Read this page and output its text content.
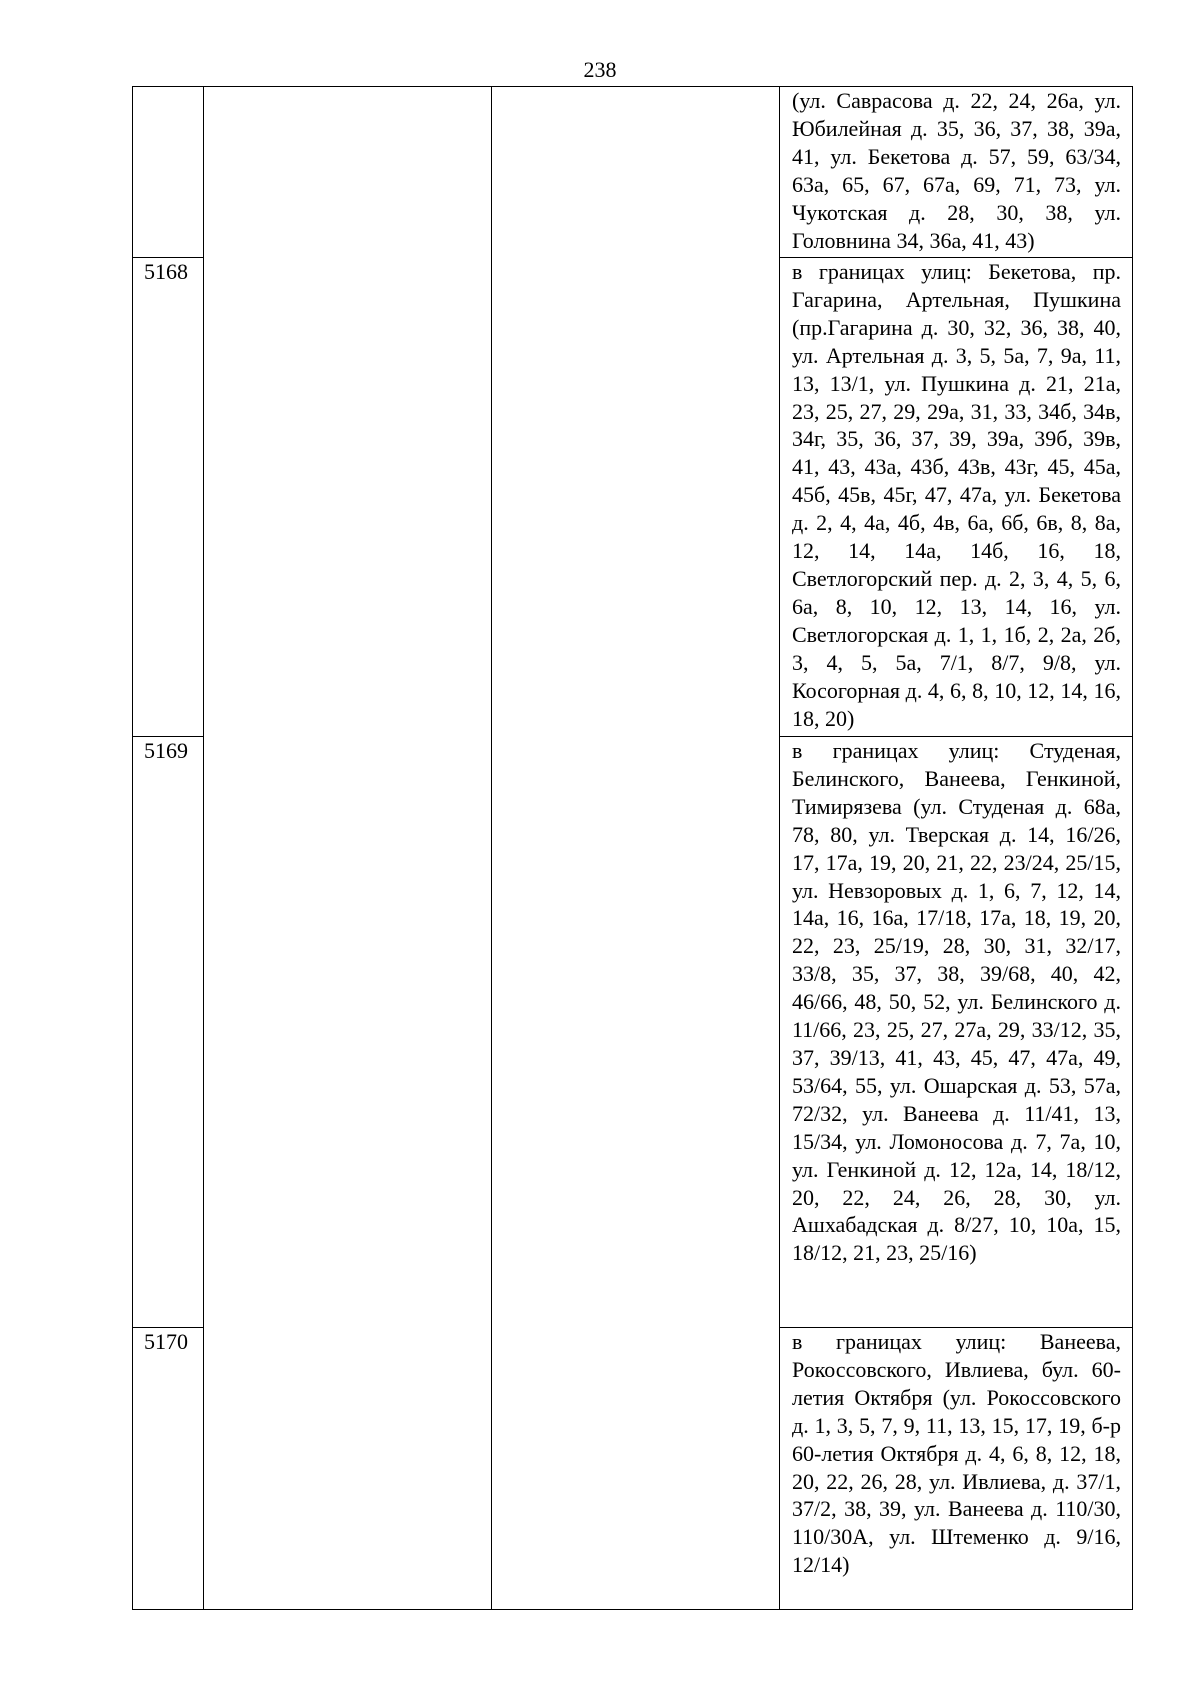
238
			(ул. Саврасова д. 22, 24, 26а, ул. Юбилейная д. 35, 36, 37, 38, 39а, 41, ул. Бекетова д. 57, 59, 63/34, 63а, 65, 67, 67а, 69, 71, 73, ул. Чукотская д. 28, 30, 38, ул. Головнина 34, 36а, 41, 43)
5168			в границах улиц: Бекетова, пр. Гагарина, Артельная, Пушкина (пр.Гагарина д. 30, 32, 36, 38, 40, ул. Артельная д. 3, 5, 5а, 7, 9а, 11, 13, 13/1, ул. Пушкина д. 21, 21а, 23, 25, 27, 29, 29а, 31, 33, 34б, 34в, 34г, 35, 36, 37, 39, 39а, 39б, 39в, 41, 43, 43а, 43б, 43в, 43г, 45, 45а, 45б, 45в, 45г, 47, 47а, ул. Бекетова д. 2, 4, 4а, 4б, 4в, 6а, 6б, 6в, 8, 8а, 12, 14, 14а, 14б, 16, 18, Светлогорский пер. д. 2, 3, 4, 5, 6, 6а, 8, 10, 12, 13, 14, 16, ул. Светлогорская д. 1, 1, 1б, 2, 2а, 2б, 3, 4, 5, 5а, 7/1, 8/7, 9/8, ул. Косогорная д. 4, 6, 8, 10, 12, 14, 16, 18, 20)
5169			в границах улиц: Студеная, Белинского, Ванеева, Генкиной, Тимирязева (ул. Студеная д. 68а, 78, 80, ул. Тверская д. 14, 16/26, 17, 17а, 19, 20, 21, 22, 23/24, 25/15, ул. Невзоровых д. 1, 6, 7, 12, 14, 14а, 16, 16а, 17/18, 17а, 18, 19, 20, 22, 23, 25/19, 28, 30, 31, 32/17, 33/8, 35, 37, 38, 39/68, 40, 42, 46/66, 48, 50, 52, ул. Белинского д. 11/66, 23, 25, 27, 27а, 29, 33/12, 35, 37, 39/13, 41, 43, 45, 47, 47а, 49, 53/64, 55, ул. Ошарская д. 53, 57а, 72/32, ул. Ванеева д. 11/41, 13, 15/34, ул. Ломоносова д. 7, 7а, 10, ул. Генкиной д. 12, 12а, 14, 18/12, 20, 22, 24, 26, 28, 30, ул. Ашхабадская д. 8/27, 10, 10а, 15, 18/12, 21, 23, 25/16)
5170			в границах улиц: Ванеева, Рокоссовского, Ивлиева, бул. 60-летия Октября (ул. Рокоссовского д. 1, 3, 5, 7, 9, 11, 13, 15, 17, 19, б-р 60-летия Октября д. 4, 6, 8, 12, 18, 20, 22, 26, 28, ул. Ивлиева, д. 37/1, 37/2, 38, 39, ул. Ванеева д. 110/30, 110/30А, ул. Штеменко д. 9/16, 12/14)
